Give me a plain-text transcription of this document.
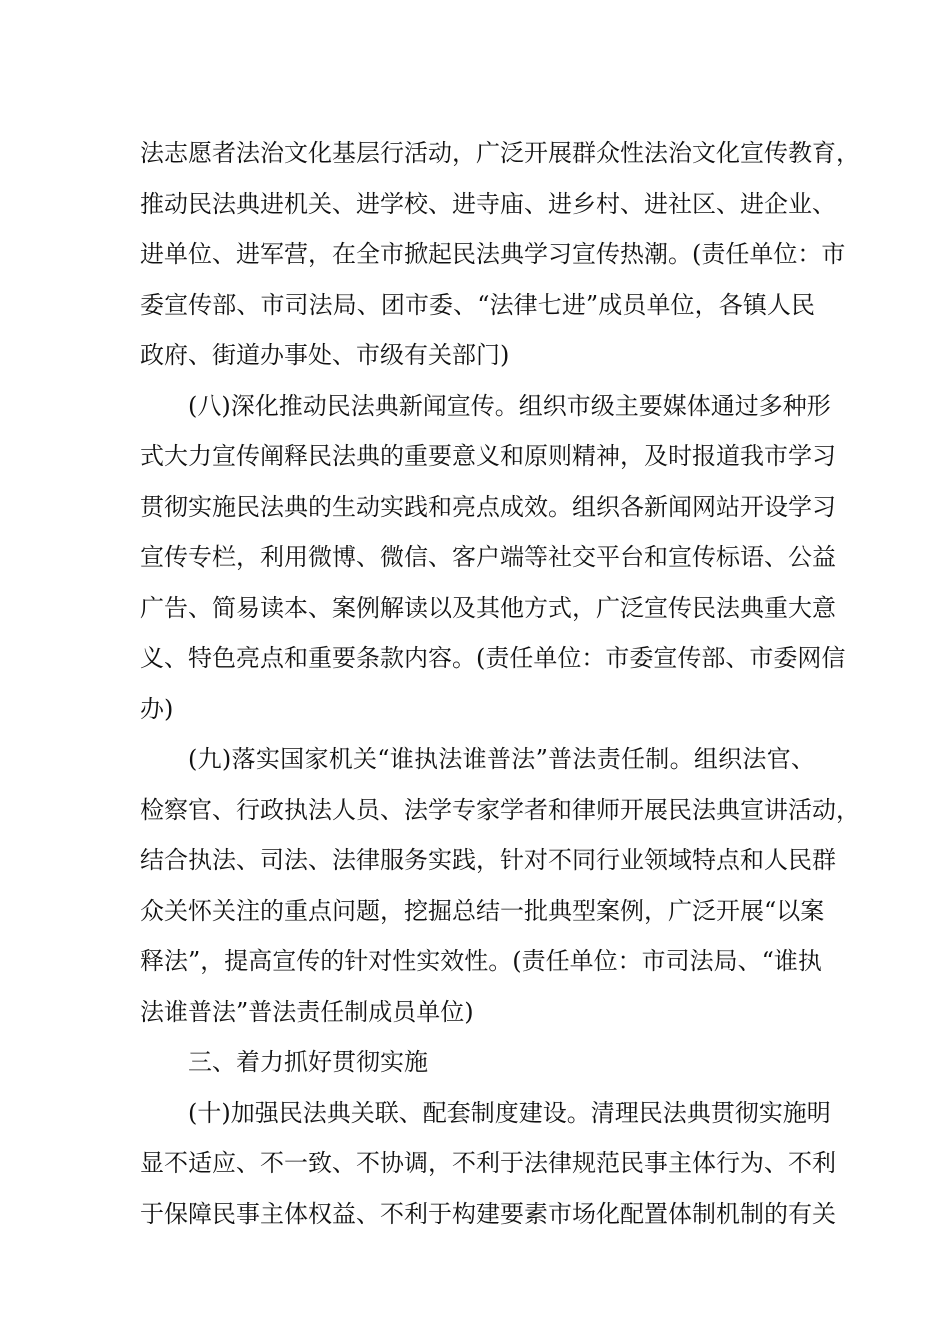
法志愿者法治文化基层行活动，广泛开展群众性法治文化宣传教育，
推动民法典进机关、进学校、进寺庙、进乡村、进社区、进企业、
进单位、进军营，在全市掀起民法典学习宣传热潮。(责任单位：市
委宣传部、市司法局、团市委、“法律七进”成员单位，各镇人民
政府、街道办事处、市级有关部门)
(八)深化推动民法典新闻宣传。组织市级主要媒体通过多种形
式大力宣传阐释民法典的重要意义和原则精神，及时报道我市学习
贯彻实施民法典的生动实践和亮点成效。组织各新闻网站开设学习
宣传专栏，利用微博、微信、客户端等社交平台和宣传标语、公益
广告、简易读本、案例解读以及其他方式，广泛宣传民法典重大意
义、特色亮点和重要条款内容。(责任单位：市委宣传部、市委网信
办)
(九)落实国家机关“谁执法谁普法”普法责任制。组织法官、
检察官、行政执法人员、法学专家学者和律师开展民法典宣讲活动，
结合执法、司法、法律服务实践，针对不同行业领域特点和人民群
众关怀关注的重点问题，挖掘总结一批典型案例，广泛开展“以案
释法”，提高宣传的针对性实效性。(责任单位：市司法局、“谁执
法谁普法”普法责任制成员单位)
三、着力抓好贯彻实施
(十)加强民法典关联、配套制度建设。清理民法典贯彻实施明
显不适应、不一致、不协调，不利于法律规范民事主体行为、不利
于保障民事主体权益、不利于构建要素市场化配置体制机制的有关
